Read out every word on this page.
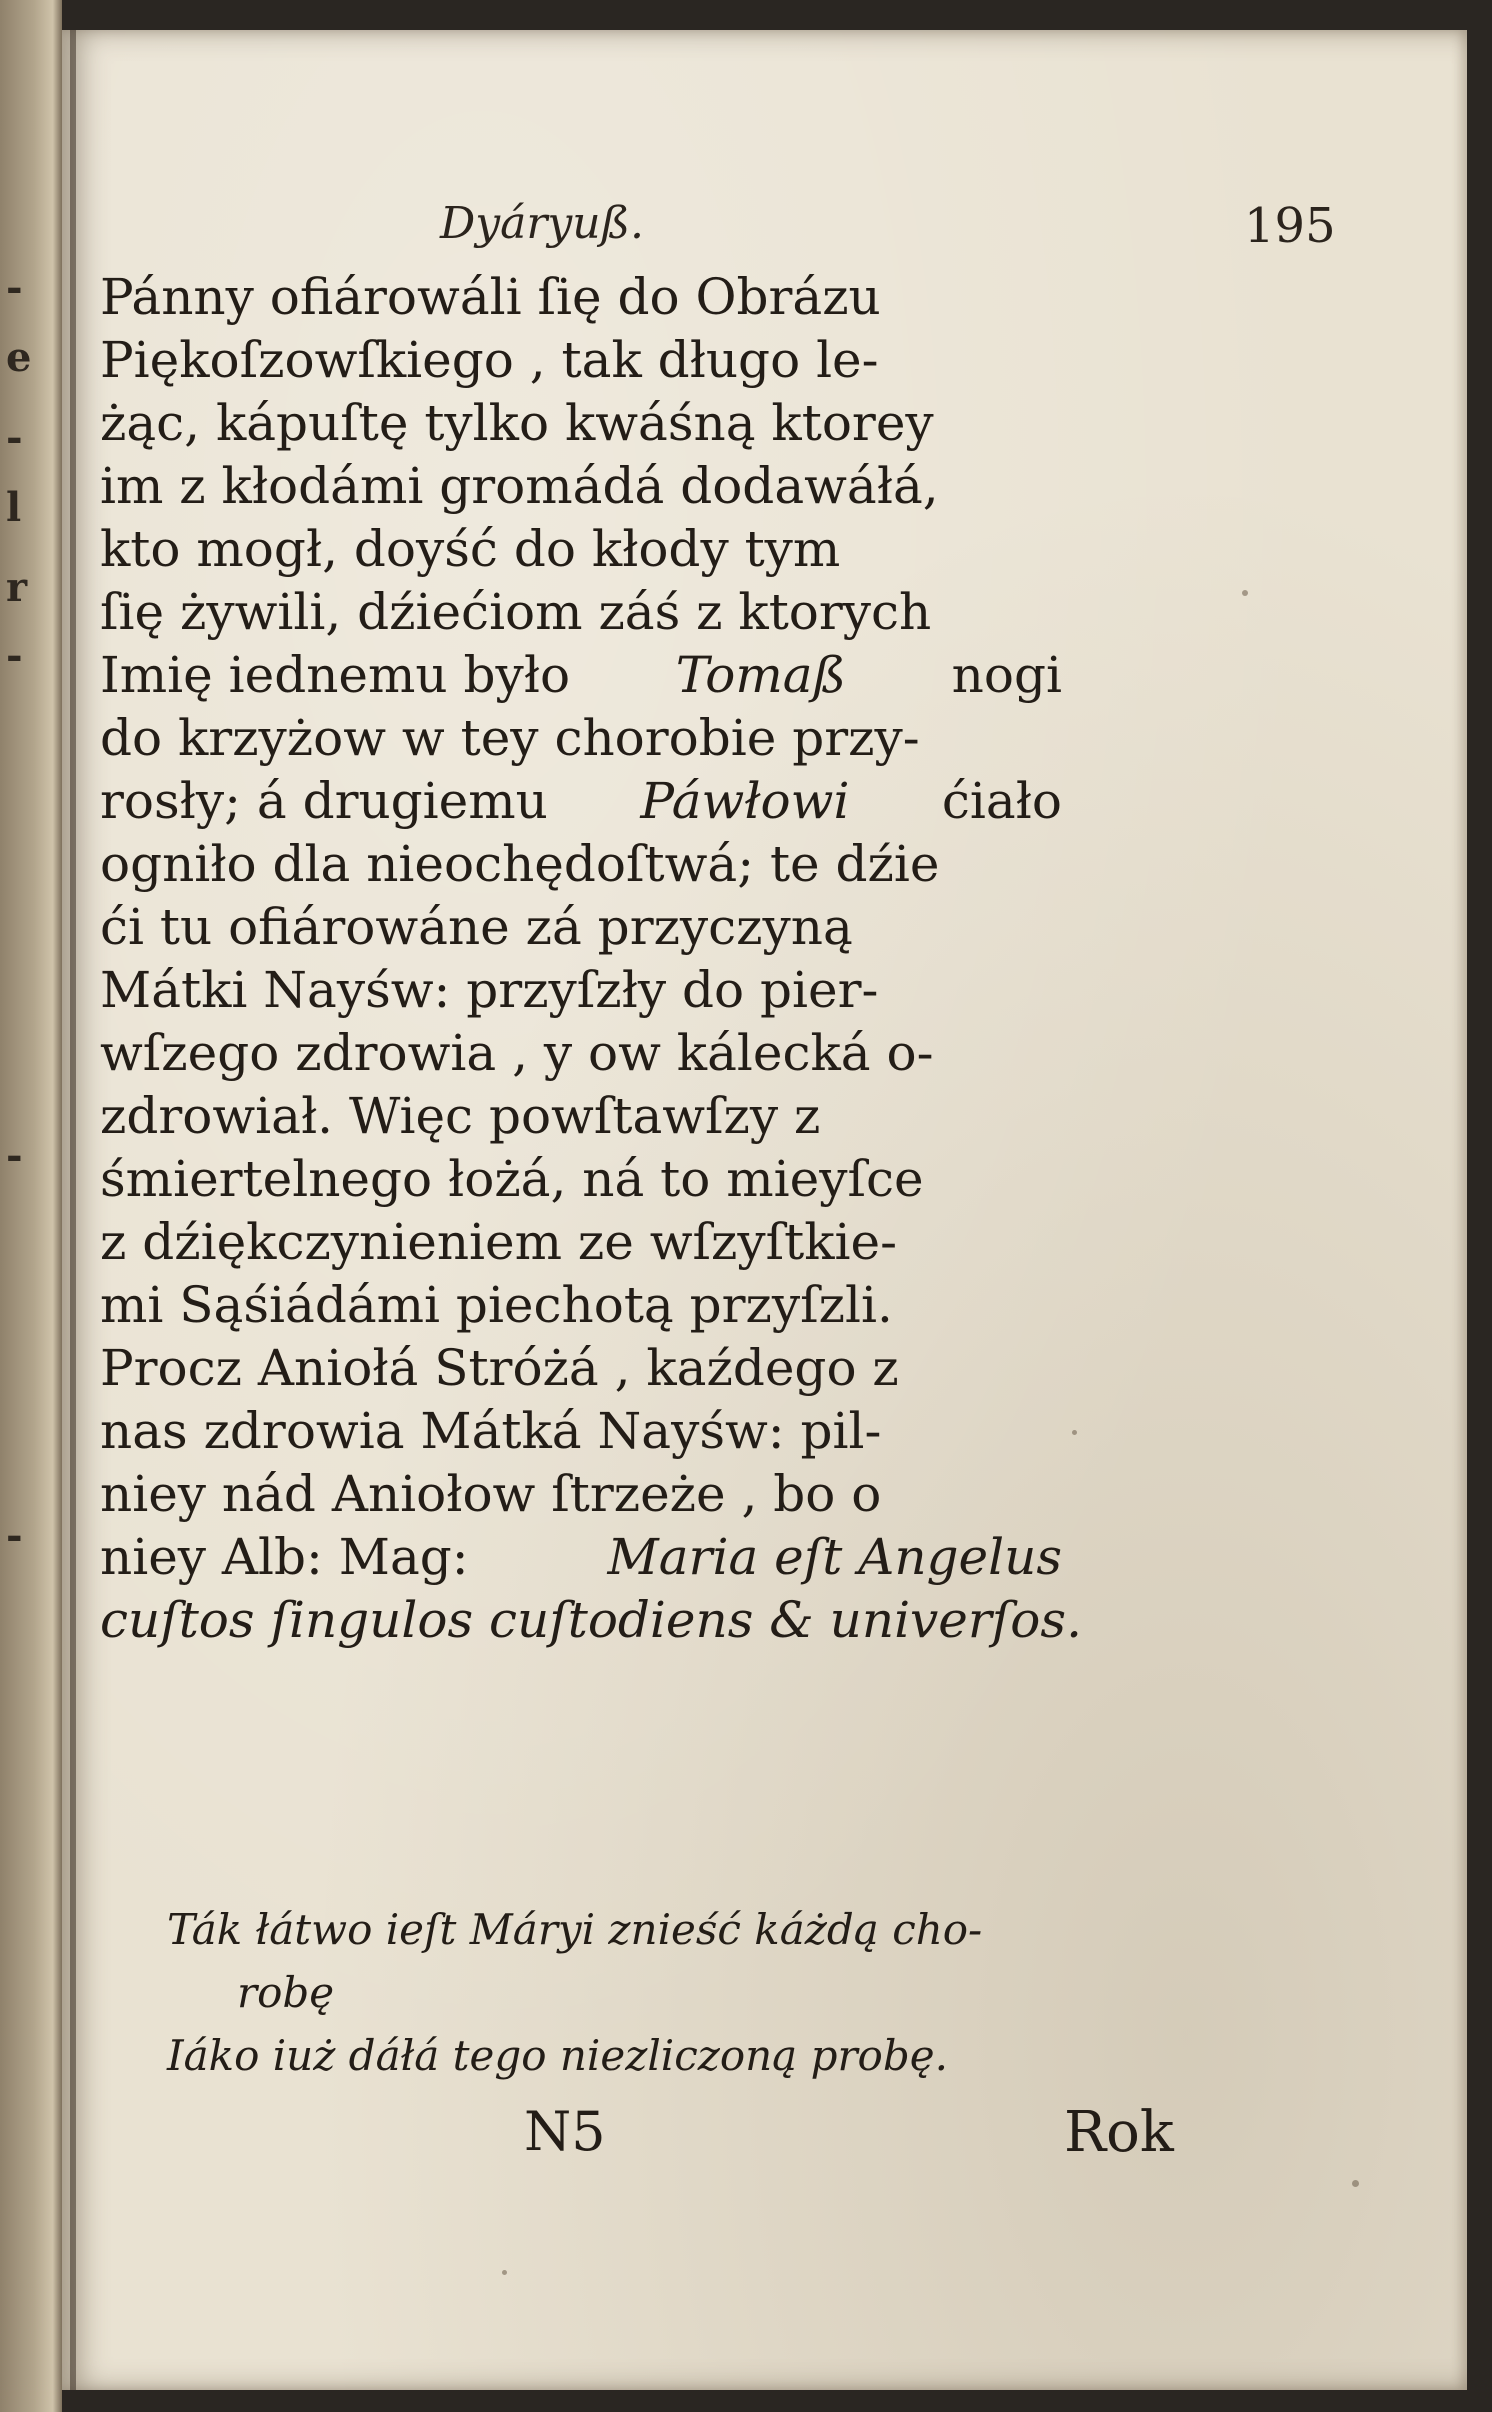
-
e
-
l
r
-
-
-
Dyáryuß.	195
Pánny ofiárowáli ſię do Obrázu
Piękoſzowſkiego , tak długo le-
żąc, kápuſtę tylko kwáśną ktorey
im z kłodámi gromádá dodawáłá,
kto mogł, doyść do kłody tym
ſię żywili, dźiećiom záś z ktorych
Imię iednemu było Tomaß nogi
do krzyżow w tey chorobie przy-
rosły; á drugiemu Páwłowi ćiało
ogniło dla nieochędoſtwá; te dźie
ći tu ofiárowáne zá przyczyną
Mátki Nayśw: przyſzły do pier-
wſzego zdrowia , y ow kálecká o-
zdrowiał. Więc powſtawſzy z
śmiertelnego łożá, ná to mieyſce
z dźiękczynieniem ze wſzyſtkie-
mi Sąśiádámi piechotą przyſzli.
Procz Aniołá Stróżá , kaźdego z
nas zdrowia Mátká Nayśw: pil-
niey nád Aniołow ſtrzeże , bo o
niey Alb: Mag:	Maria eſt Angelus
cuſtos ſingulos cuſtodiens & univerſos.
Ták łátwo ieſt Máryi znieść káżdą cho-
robę
Iáko iuż dáłá tego niezliczoną probę.
N5	Rok
